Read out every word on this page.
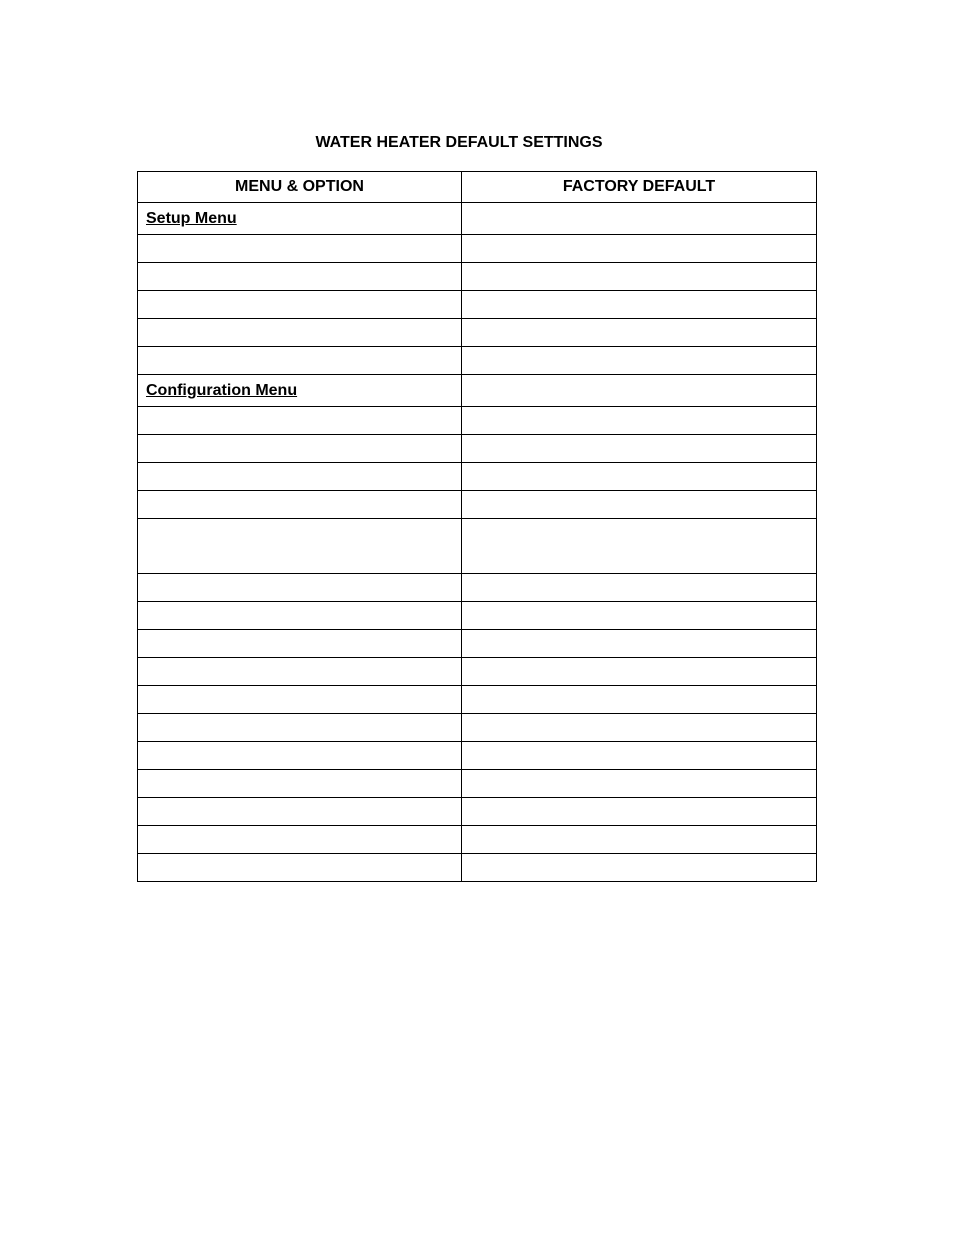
WATER HEATER DEFAULT SETTINGS
MENU & OPTION	FACTORY DEFAULT
Setup Menu	

Configuration Menu	
